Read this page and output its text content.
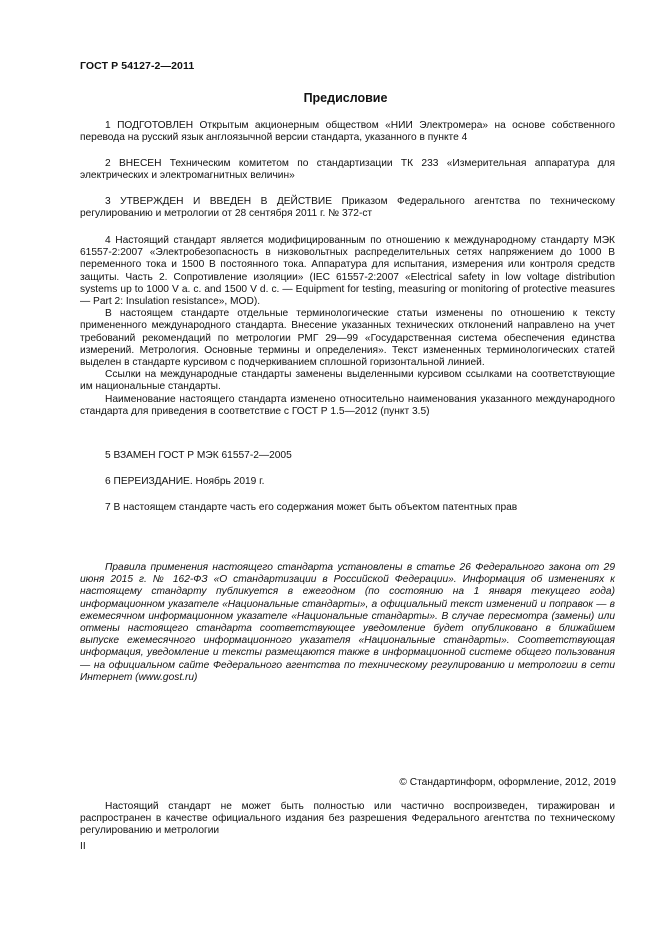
ГОСТ Р 54127-2—2011
Предисловие

1 ПОДГОТОВЛЕН Открытым акционерным обществом «НИИ Электромера» на основе собственного перевода на русский язык англоязычной версии стандарта, указанного в пункте 4

2 ВНЕСЕН Техническим комитетом по стандартизации ТК 233 «Измерительная аппаратура для электрических и электромагнитных величин»

3 УТВЕРЖДЕН И ВВЕДЕН В ДЕЙСТВИЕ Приказом Федерального агентства по техническому регулированию и метрологии от 28 сентября 2011 г. № 372-ст

4 Настоящий стандарт является модифицированным по отношению к международному стандарту МЭК 61557-2:2007 «Электробезопасность в низковольтных распределительных сетях напряжением до 1000 В переменного тока и 1500 В постоянного тока. Аппаратура для испытания, измерения или контроля средств защиты. Часть 2. Сопротивление изоляции» (IEC 61557-2:2007 «Electrical safety in low voltage distribution systems up to 1000 V a. c. and 1500 V d. c. — Equipment for testing, measuring or monitoring of protective measures — Part 2: Insulation resistance», MOD).

В настоящем стандарте отдельные терминологические статьи изменены по отношению к тексту примененного международного стандарта. Внесение указанных технических отклонений направлено на учет требований рекомендаций по метрологии РМГ 29—99 «Государственная система обеспечения единства измерений. Метрология. Основные термины и определения». Текст измененных терминологических статей выделен в стандарте курсивом с подчеркиванием сплошной горизонтальной линией.

Ссылки на международные стандарты заменены выделенными курсивом ссылками на соответствующие им национальные стандарты.

Наименование настоящего стандарта изменено относительно наименования указанного международного стандарта для приведения в соответствие с ГОСТ Р 1.5—2012 (пункт 3.5)

5 ВЗАМЕН ГОСТ Р МЭК 61557-2—2005

6 ПЕРЕИЗДАНИЕ. Ноябрь 2019 г.

7 В настоящем стандарте часть его содержания может быть объектом патентных прав

Правила применения настоящего стандарта установлены в статье 26 Федерального закона от 29 июня 2015 г. № 162-ФЗ «О стандартизации в Российской Федерации». Информация об изменениях к настоящему стандарту публикуется в ежегодном (по состоянию на 1 января текущего года) информационном указателе «Национальные стандарты», а официальный текст изменений и поправок — в ежемесячном информационном указателе «Национальные стандарты». В случае пересмотра (замены) или отмены настоящего стандарта соответствующее уведомление будет опубликовано в ближайшем выпуске ежемесячного информационного указателя «Национальные стандарты». Соответствующая информация, уведомление и тексты размещаются также в информационной системе общего пользования — на официальном сайте Федерального агентства по техническому регулированию и метрологии в сети Интернет (www.gost.ru)

© Стандартинформ, оформление, 2012, 2019

Настоящий стандарт не может быть полностью или частично воспроизведен, тиражирован и распространен в качестве официального издания без разрешения Федерального агентства по техническому регулированию и метрологии

II
